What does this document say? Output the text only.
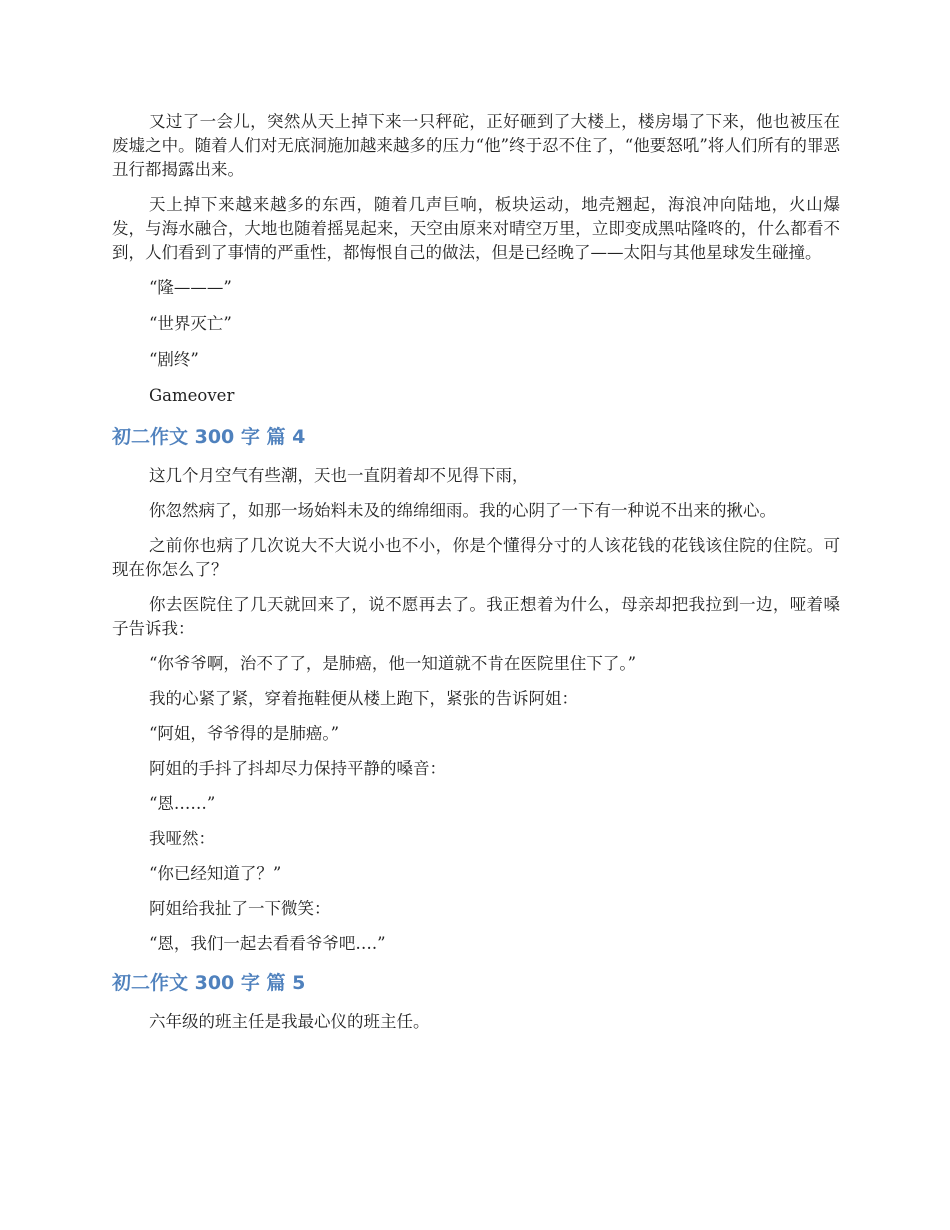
又过了一会儿，突然从天上掉下来一只秤砣，正好砸到了大楼上，楼房塌了下来，他也被压在废墟之中。随着人们对无底洞施加越来越多的压力“他”终于忍不住了，“他要怒吼”将人们所有的罪恶丑行都揭露出来。

天上掉下来越来越多的东西，随着几声巨响，板块运动，地壳翘起，海浪冲向陆地，火山爆发，与海水融合，大地也随着摇晃起来，天空由原来对晴空万里，立即变成黑咕隆咚的，什么都看不到，人们看到了事情的严重性，都悔恨自己的做法，但是已经晚了——太阳与其他星球发生碰撞。

“隆———”

“世界灭亡”

“剧终”

Gameover

初二作文 300 字 篇 4

这几个月空气有些潮，天也一直阴着却不见得下雨，

你忽然病了，如那一场始料未及的绵绵细雨。我的心阴了一下有一种说不出来的揪心。

之前你也病了几次说大不大说小也不小，你是个懂得分寸的人该花钱的花钱该住院的住院。可现在你怎么了？

你去医院住了几天就回来了，说不愿再去了。我正想着为什么，母亲却把我拉到一边，哑着嗓子告诉我：

“你爷爷啊，治不了了，是肺癌，他一知道就不肯在医院里住下了。”

我的心紧了紧，穿着拖鞋便从楼上跑下，紧张的告诉阿姐：

“阿姐，爷爷得的是肺癌。”

阿姐的手抖了抖却尽力保持平静的嗓音：

“恩……”

我哑然：

“你已经知道了？”

阿姐给我扯了一下微笑：

“恩，我们一起去看看爷爷吧….”

初二作文 300 字 篇 5

六年级的班主任是我最心仪的班主任。
